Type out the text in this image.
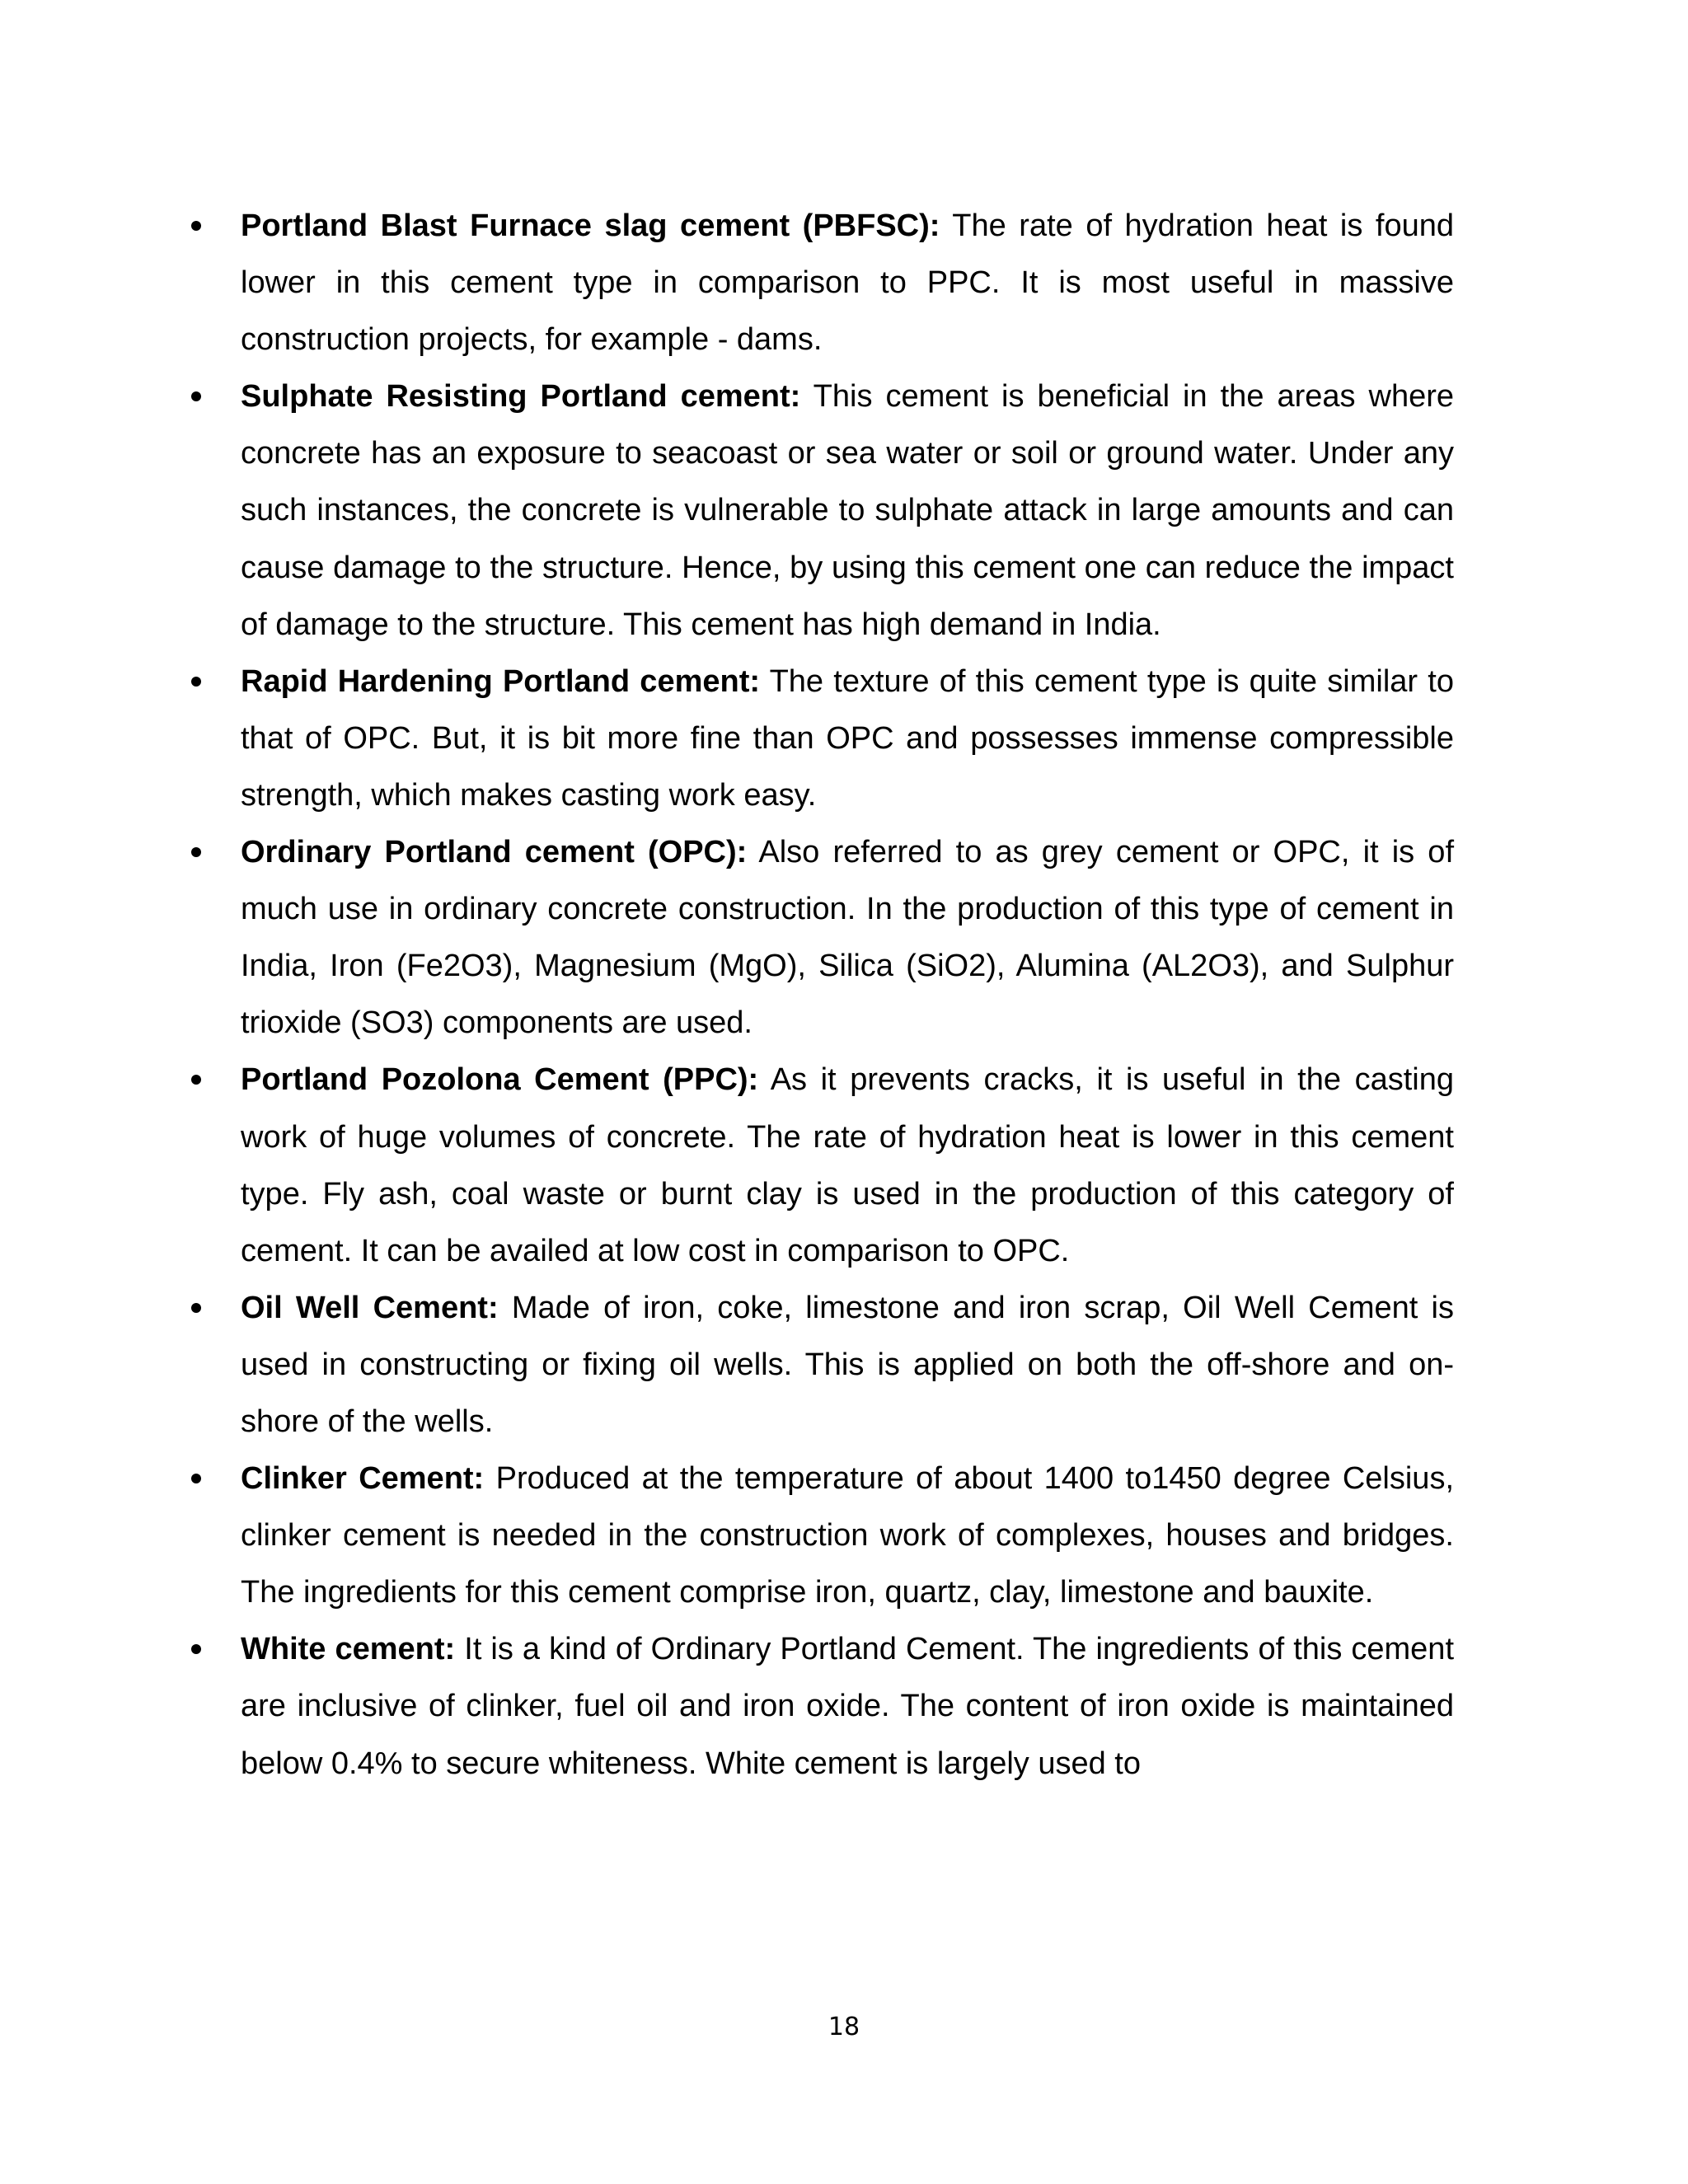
Portland Blast Furnace slag cement (PBFSC): The rate of hydration heat is found lower in this cement type in comparison to PPC. It is most useful in massive construction projects, for example - dams.
Sulphate Resisting Portland cement: This cement is beneficial in the areas where concrete has an exposure to seacoast or sea water or soil or ground water. Under any such instances, the concrete is vulnerable to sulphate attack in large amounts and can cause damage to the structure. Hence, by using this cement one can reduce the impact of damage to the structure. This cement has high demand in India.
Rapid Hardening Portland cement: The texture of this cement type is quite similar to that of OPC. But, it is bit more fine than OPC and possesses immense compressible strength, which makes casting work easy.
Ordinary Portland cement (OPC): Also referred to as grey cement or OPC, it is of much use in ordinary concrete construction. In the production of this type of cement in India, Iron (Fe2O3), Magnesium (MgO), Silica (SiO2), Alumina (AL2O3), and Sulphur trioxide (SO3) components are used.
Portland Pozolona Cement (PPC): As it prevents cracks, it is useful in the casting work of huge volumes of concrete. The rate of hydration heat is lower in this cement type. Fly ash, coal waste or burnt clay is used in the production of this category of cement. It can be availed at low cost in comparison to OPC.
Oil Well Cement: Made of iron, coke, limestone and iron scrap, Oil Well Cement is used in constructing or fixing oil wells. This is applied on both the off-shore and on-shore of the wells.
Clinker Cement: Produced at the temperature of about 1400 to1450 degree Celsius, clinker cement is needed in the construction work of complexes, houses and bridges. The ingredients for this cement comprise iron, quartz, clay, limestone and bauxite.
White cement: It is a kind of Ordinary Portland Cement. The ingredients of this cement are inclusive of clinker, fuel oil and iron oxide. The content of iron oxide is maintained below 0.4% to secure whiteness. White cement is largely used to
18
